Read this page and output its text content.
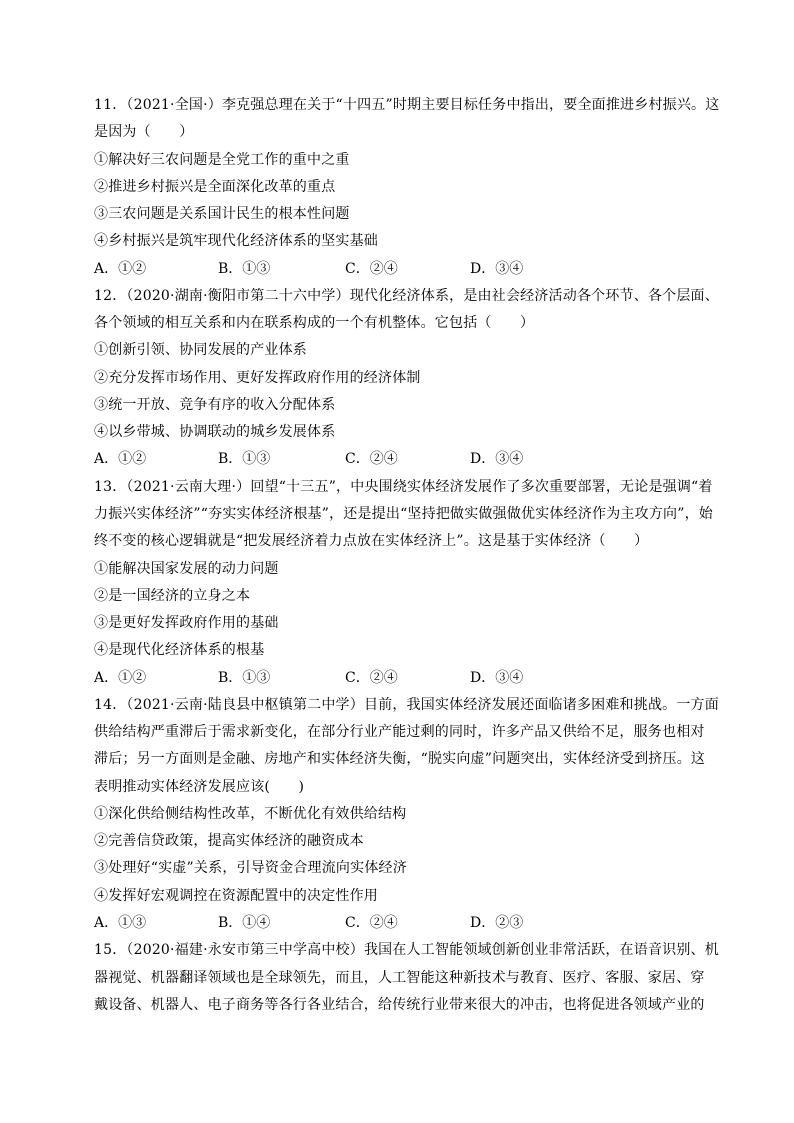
11．（2021·全国·）李克强总理在关于“十四五”时期主要目标任务中指出，要全面推进乡村振兴。这
是因为（　　）
①解决好三农问题是全党工作的重中之重
②推进乡村振兴是全面深化改革的重点
③三农问题是关系国计民生的根本性问题
④乡村振兴是筑牢现代化经济体系的坚实基础
A．①②	B．①③	C．②④	D．③④
12．（2020·湖南·衡阳市第二十六中学）现代化经济体系，是由社会经济活动各个环节、各个层面、
各个领域的相互关系和内在联系构成的一个有机整体。它包括（　　）
①创新引领、协同发展的产业体系
②充分发挥市场作用、更好发挥政府作用的经济体制
③统一开放、竞争有序的收入分配体系
④以乡带城、协调联动的城乡发展体系
A．①②	B．①③	C．②④	D．③④
13．（2021·云南大理·）回望“十三五”，中央围绕实体经济发展作了多次重要部署，无论是强调“着
力振兴实体经济”“夯实实体经济根基”，还是提出“坚持把做实做强做优实体经济作为主攻方向”，始
终不变的核心逻辑就是“把发展经济着力点放在实体经济上”。这是基于实体经济（　　）
①能解决国家发展的动力问题
②是一国经济的立身之本
③是更好发挥政府作用的基础
④是现代化经济体系的根基
A．①②	B．①③	C．②④	D．③④
14．（2021·云南·陆良县中枢镇第二中学）目前，我国实体经济发展还面临诸多困难和挑战。一方面
供给结构严重滞后于需求新变化，在部分行业产能过剩的同时，许多产品又供给不足，服务也相对
滞后；另一方面则是金融、房地产和实体经济失衡，“脱实向虚”问题突出，实体经济受到挤压。这
表明推动实体经济发展应该(　　)
①深化供给侧结构性改革，不断优化有效供给结构
②完善信贷政策，提高实体经济的融资成本
③处理好“实虚”关系，引导资金合理流向实体经济
④发挥好宏观调控在资源配置中的决定性作用
A．①③	B．①④	C．②④	D．②③
15．（2020·福建·永安市第三中学高中校）我国在人工智能领域创新创业非常活跃，在语音识别、机
器视觉、机器翻译领域也是全球领先，而且，人工智能这种新技术与教育、医疗、客服、家居、穿
戴设备、机器人、电子商务等各行各业结合，给传统行业带来很大的冲击，也将促进各领域产业的
